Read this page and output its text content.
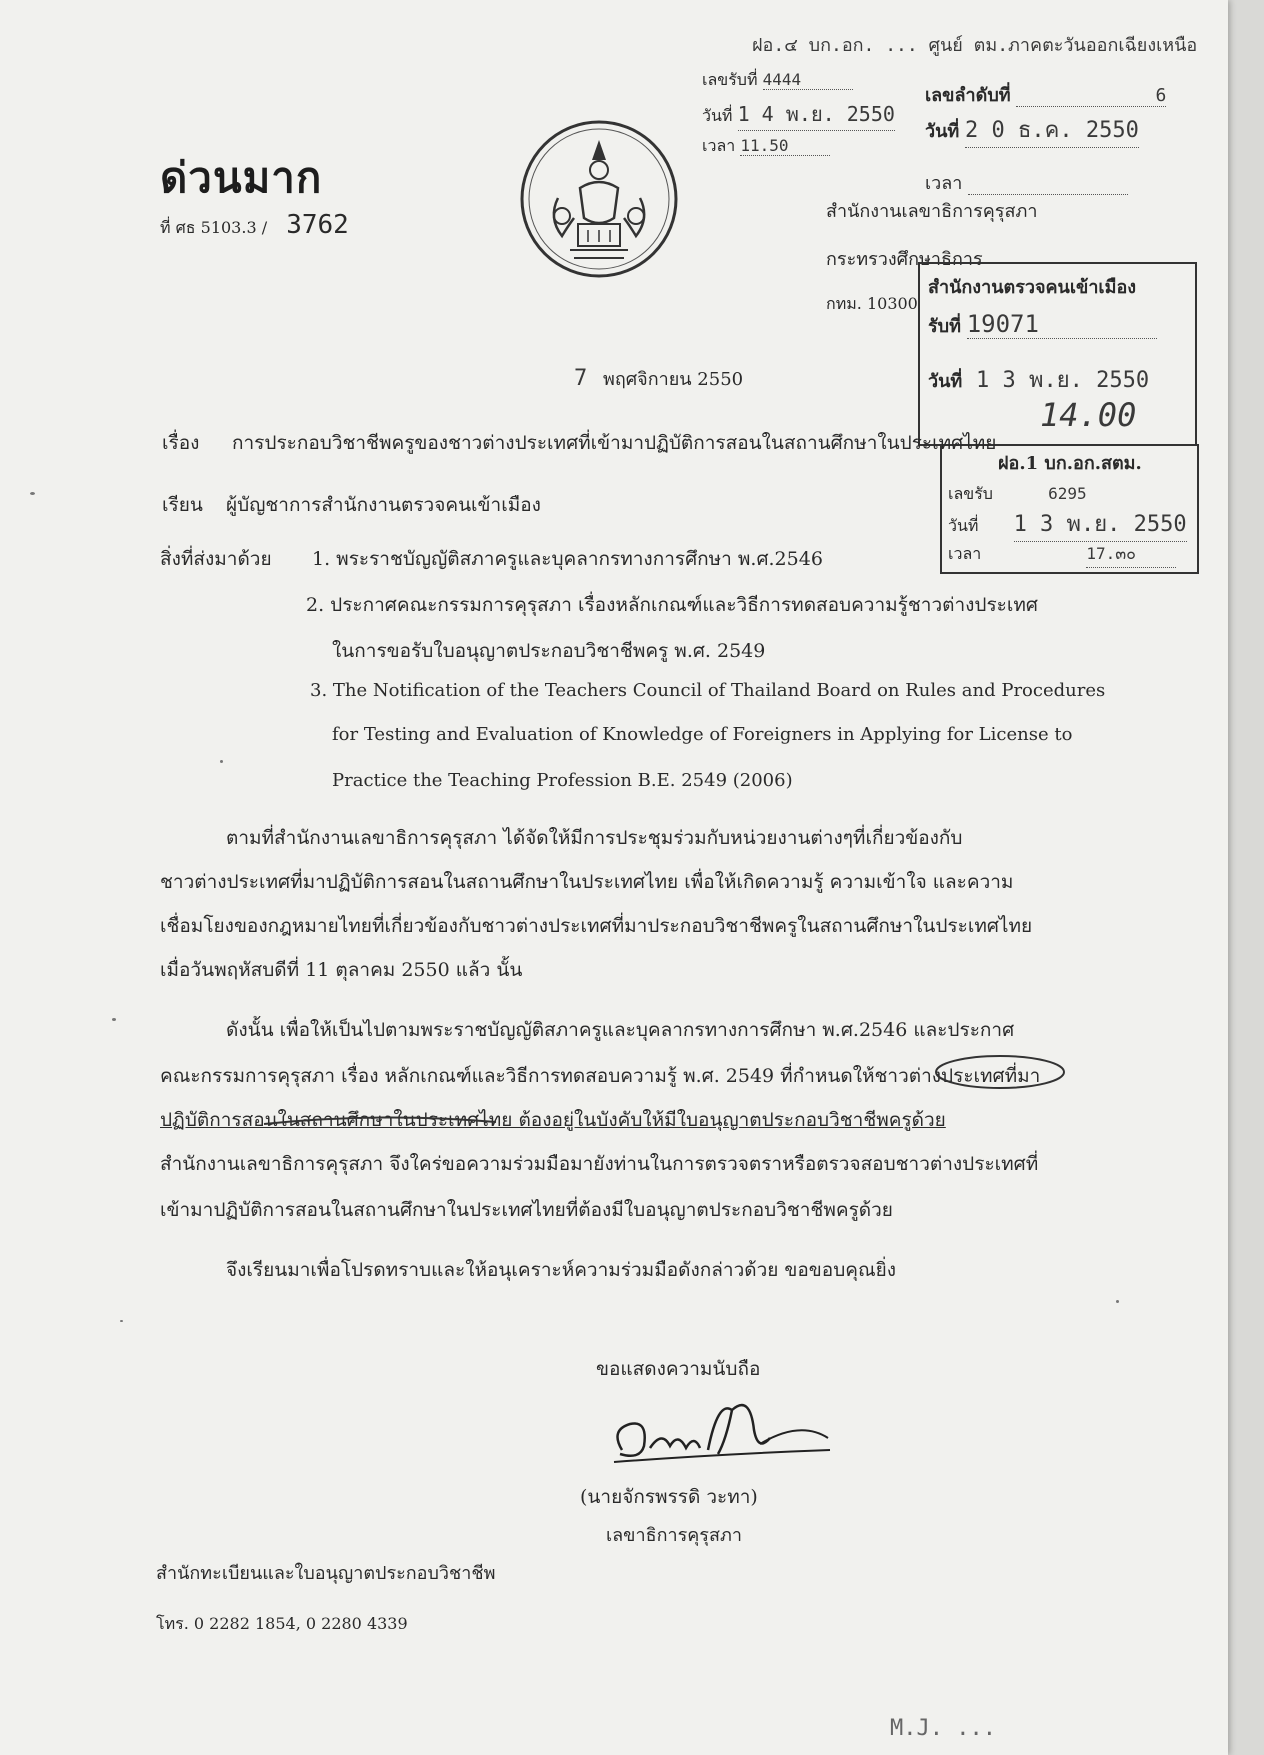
ฝอ.๔ บก.อก. ... ศูนย์ ตม.ภาคตะวันออกเฉียงเหนือ
เลขรับที่ 4444
วันที่ 1 4 พ.ย. 2550
เวลา 11.50
เลขลำดับที่	6
วันที่ 2 0 ธ.ค. 2550
เวลา
ด่วนมาก
ที่ ศธ 5103.3 / 3762	สำนักงานเลขาธิการคุรุสภา
กระทรวงศึกษาธิการ
กทม. 10300
สำนักงานตรวจคนเข้าเมือง
รับที่ 19071
วันที่ 1 3 พ.ย. 2550
14.00
7 พฤศจิกายน 2550
เรื่อง การประกอบวิชาชีพครูของชาวต่างประเทศที่เข้ามาปฏิบัติการสอนในสถานศึกษาในประเทศไทย
ฝอ.1 บก.อก.สตม.
เลขรับ	6295
วันที่ 1 3 พ.ย. 2550
เวลา	17.๓๐
เรียน ผู้บัญชาการสำนักงานตรวจคนเข้าเมือง
สิ่งที่ส่งมาด้วย 1. พระราชบัญญัติสภาครูและบุคลากรทางการศึกษา พ.ศ.2546
2. ประกาศคณะกรรมการคุรุสภา เรื่องหลักเกณฑ์และวิธีการทดสอบความรู้ชาวต่างประเทศ
ในการขอรับใบอนุญาตประกอบวิชาชีพครู พ.ศ. 2549
3. The Notification of the Teachers Council of Thailand Board on Rules and Procedures
for Testing and Evaluation of Knowledge of Foreigners in Applying for License to
Practice the Teaching Profession B.E. 2549 (2006)
ตามที่สำนักงานเลขาธิการคุรุสภา ได้จัดให้มีการประชุมร่วมกับหน่วยงานต่างๆที่เกี่ยวข้องกับ
ชาวต่างประเทศที่มาปฏิบัติการสอนในสถานศึกษาในประเทศไทย เพื่อให้เกิดความรู้ ความเข้าใจ และความ
เชื่อมโยงของกฎหมายไทยที่เกี่ยวข้องกับชาวต่างประเทศที่มาประกอบวิชาชีพครูในสถานศึกษาในประเทศไทย
เมื่อวันพฤหัสบดีที่ 11 ตุลาคม 2550 แล้ว นั้น
ดังนั้น เพื่อให้เป็นไปตามพระราชบัญญัติสภาครูและบุคลากรทางการศึกษา พ.ศ.2546 และประกาศ
คณะกรรมการคุรุสภา เรื่อง หลักเกณฑ์และวิธีการทดสอบความรู้ พ.ศ. 2549 ที่กำหนดให้ชาวต่างประเทศที่มา
ปฏิบัติการสอนในสถานศึกษาในประเทศไทย ต้องอยู่ในบังคับให้มีใบอนุญาตประกอบวิชาชีพครูด้วย
สำนักงานเลขาธิการคุรุสภา จึงใคร่ขอความร่วมมือมายังท่านในการตรวจตราหรือตรวจสอบชาวต่างประเทศที่
เข้ามาปฏิบัติการสอนในสถานศึกษาในประเทศไทยที่ต้องมีใบอนุญาตประกอบวิชาชีพครูด้วย
จึงเรียนมาเพื่อโปรดทราบและให้อนุเคราะห์ความร่วมมือดังกล่าวด้วย ขอขอบคุณยิ่ง
ขอแสดงความนับถือ
(นายจักรพรรดิ วะทา)
เลขาธิการคุรุสภา
สำนักทะเบียนและใบอนุญาตประกอบวิชาชีพ
โทร. 0 2282 1854, 0 2280 4339
M.J. ...
